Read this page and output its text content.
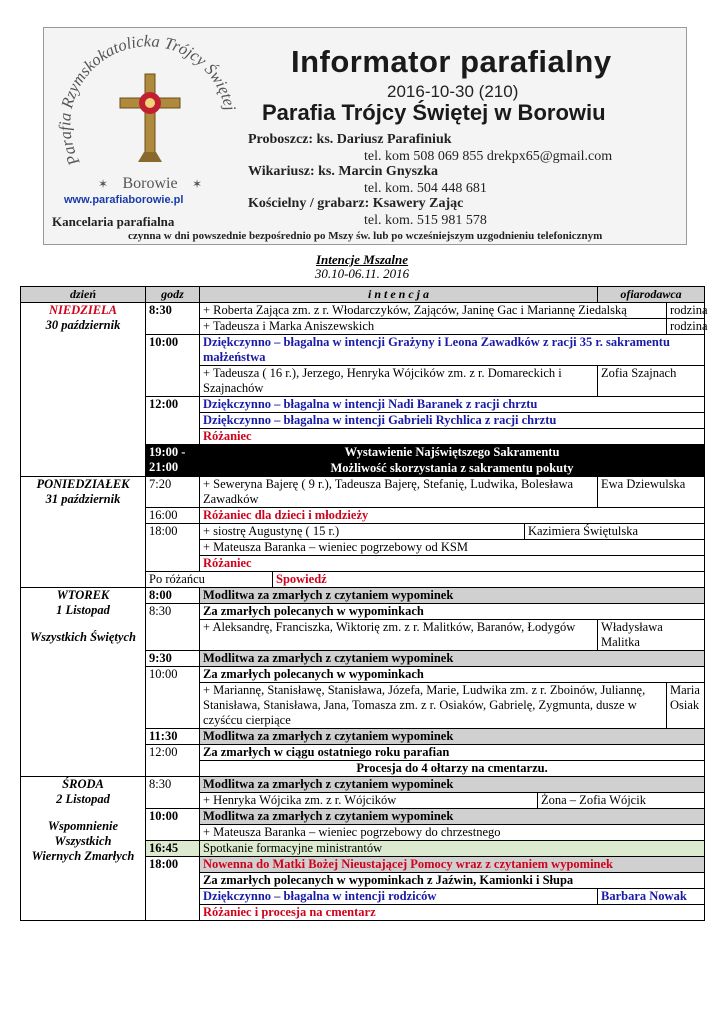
Parafia Rzymskokatolicka Trójcy Świętej
Borowie
✶	✶
Informator parafialny
2016-10-30 (210)
Parafia Trójcy Świętej w Borowiu
Proboszcz: ks. Dariusz Parafiniuk
tel. kom 508 069 855 drekpx65@gmail.com
Wikariusz: ks. Marcin Gnyszka
tel. kom. 504 448 681
Kościelny / grabarz: Ksawery Zając
tel. kom. 515 981 578
www.parafiaborowie.pl
Kancelaria parafialna
czynna w dni powszednie bezpośrednio po Mszy św. lub po wcześniejszym uzgodnieniu telefonicznym
Intencje Mszalne
30.10-06.11. 2016
dzień	godz	i n t e n c j a				ofiarodawca	

NIEDZIELA
30 październik	8:30	+ Roberta Zająca zm. z r. Włodarczyków, Zająców, Janinę Gac i Mariannę Ziedalską					rodzina
		+ Tadeusza i Marka Aniszewskich					rodzina
	10:00	Dziękczynno – błagalna w intencji Grażyny i Leona Zawadków z racji 35 r. sakramentu małżeństwa					
		+ Tadeusza ( 16 r.), Jerzego, Henryka Wójcików zm. z r. Domareckich i Szajnachów				Zofia Szajnach	
	12:00	Dziękczynno – błagalna w intencji Nadi Baranek z racji chrztu					
		Dziękczynno – błagalna w intencji Gabrieli Rychlica z racji chrztu					
		Różaniec					
	19:00 - 21:00	Wystawienie Najświętszego Sakramentu					
		Możliwość skorzystania z sakramentu pokuty					

PONIEDZIAŁEK
31 październik	7:20	+ Seweryna Bajerę ( 9 r.), Tadeusza Bajerę, Stefanię, Ludwika, Bolesława Zawadków				Ewa Dziewulska	
	16:00	Różaniec dla dzieci i młodzieży					
	18:00	+ siostrę Augustynę ( 15 r.)		Kazimiera Świętulska			
		+ Mateusza Baranka – wieniec pogrzebowy od KSM					
		Różaniec					
	Po różańcu		Spowiedź				

WTOREK
1 Listopad
Wszystkich Świętych	8:00	Modlitwa za zmarłych z czytaniem wypominek					
	8:30	Za zmarłych polecanych w wypominkach					
		+ Aleksandrę, Franciszka, Wiktorię zm. z r. Malitków, Baranów, Łodygów				Władysława Malitka	
	9:30	Modlitwa za zmarłych z czytaniem wypominek					
	10:00	Za zmarłych polecanych w wypominkach					
		+ Mariannę, Stanisławę, Stanisława, Józefa, Marie, Ludwika zm. z r. Zboinów, Juliannę, Stanisława, Stanisława, Jana, Tomasza zm. z r. Osiaków, Gabrielę, Zygmunta, dusze w czyśćcu cierpiące					Maria Osiak
	11:30	Modlitwa za zmarłych z czytaniem wypominek					
	12:00	Za zmarłych w ciągu ostatniego roku parafian					
		Procesja do 4 ołtarzy na cmentarzu.					

ŚRODA
2 Listopad
Wspomnienie
Wszystkich
Wiernych Zmarłych	8:30	Modlitwa za zmarłych z czytaniem wypominek					
		+ Henryka Wójcika zm. z r. Wójcików			Żona – Zofia Wójcik		
	10:00	Modlitwa za zmarłych z czytaniem wypominek					
		+ Mateusza Baranka – wieniec pogrzebowy do chrzestnego					
	16:45	Spotkanie formacyjne ministrantów					
	18:00	Nowenna do Matki Bożej Nieustającej Pomocy wraz z czytaniem wypominek					
		Za zmarłych polecanych w wypominkach z Jaźwin, Kamionki i Słupa					
		Dziękczynno – błagalna w intencji rodziców				Barbara Nowak	
		Różaniec i procesja na cmentarz					
